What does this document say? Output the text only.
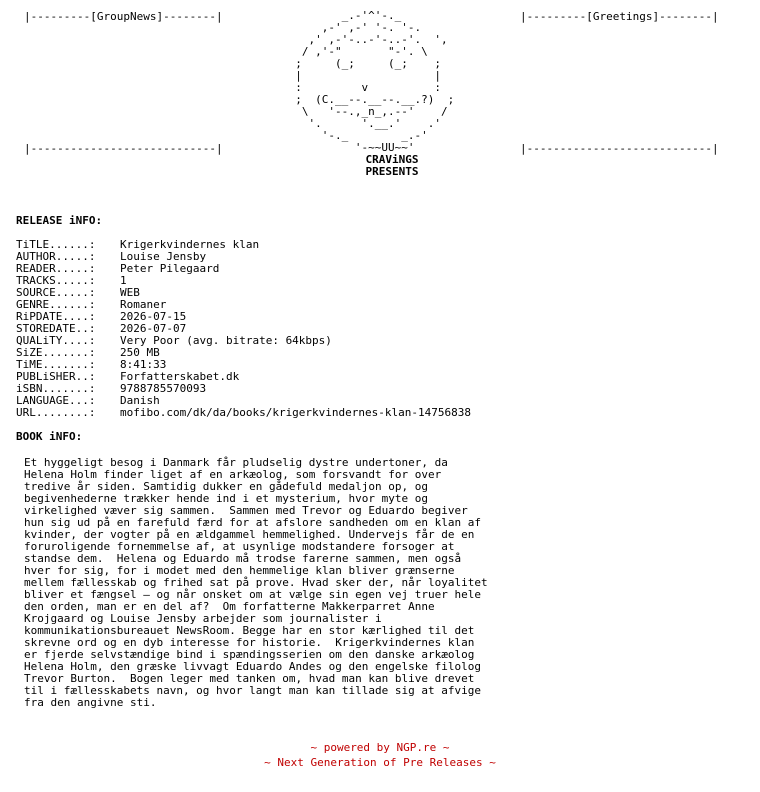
|---------[GroupNews]--------|
|----------------------------|
|---------[Greetings]--------|
|----------------------------|
_.-'^'-._
,-' ,-' '-. '-.
,' ,-'-..-'-..-'.  ',
/ ,'-"       "-'. \
;     (_;     (_;    ;
|                    |
:         v          :
;  (C.__--.__--.__.?)  ;
\   '--.,_n_,.--'    /
'.      '.__.'    .'
'-._        _.-'
'-~~UU~~'
CRAViNGS
PRESENTS
RELEASE iNFO:
TiTLE......:	Krigerkvindernes klan
AUTHOR.....:	Louise Jensby
READER.....:	Peter Pilegaard
TRACKS.....:	1
SOURCE.....:	WEB
GENRE......:	Romaner
RiPDATE....:	2026-07-15
STOREDATE..:	2026-07-07
QUALiTY....:	Very Poor (avg. bitrate: 64kbps)
SiZE.......:	250 MB
TiME.......:	8:41:33
PUBLiSHER..:	Forfatterskabet.dk
iSBN.......:	9788785570093
LANGUAGE...:	Danish
URL........:	mofibo.com/dk/da/books/krigerkvindernes-klan-14756838
BOOK iNFO:
Et hyggeligt besog i Danmark får pludselig dystre undertoner, da
Helena Holm finder liget af en arkæolog, som forsvandt for over
tredive år siden. Samtidig dukker en gådefuld medaljon op, og
begivenhederne trækker hende ind i et mysterium, hvor myte og
virkelighed væver sig sammen.  Sammen med Trevor og Eduardo begiver
hun sig ud på en farefuld færd for at afslore sandheden om en klan af
kvinder, der vogter på en ældgammel hemmelighed. Undervejs får de en
foruroligende fornemmelse af, at usynlige modstandere forsoger at
standse dem.  Helena og Eduardo må trodse farerne sammen, men også
hver for sig, for i modet med den hemmelige klan bliver grænserne
mellem fællesskab og frihed sat på prove. Hvad sker der, når loyalitet
bliver et fængsel – og når onsket om at vælge sin egen vej truer hele
den orden, man er en del af?  Om forfatterne Makkerparret Anne
Krojgaard og Louise Jensby arbejder som journalister i
kommunikationsbureauet NewsRoom. Begge har en stor kærlighed til det
skrevne ord og en dyb interesse for historie.  Krigerkvindernes klan
er fjerde selvstændige bind i spændingsserien om den danske arkæolog
Helena Holm, den græske livvagt Eduardo Andes og den engelske filolog
Trevor Burton.  Bogen leger med tanken om, hvad man kan blive drevet
til i fællesskabets navn, og hvor langt man kan tillade sig at afvige
fra den angivne sti.
~ powered by NGP.re ~
~ Next Generation of Pre Releases ~
